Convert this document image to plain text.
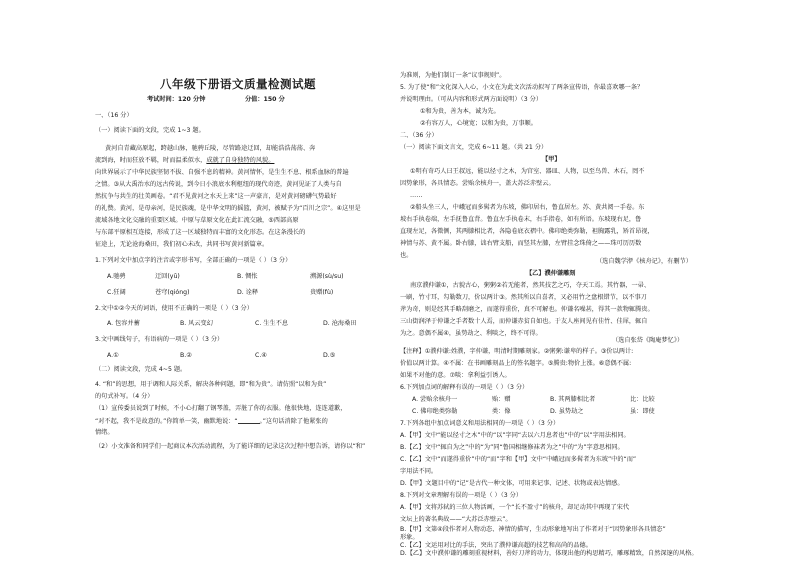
八年级下册语文质量检测试题
考试时间：120 分钟	分值：150 分
一、（16 分）
（一）阅读下面的文段，完成 1~3 题。
黄河自青藏高原起，跨越山脉，驰骋丘陵，尽管路途迂回，却能浩浩荡荡、奔
流到海，时而狂放不羁，时而温柔似水，成就了自身独特的风貌。
向世界展示了中华民族坚韧不拔、自强不息的精神。黄河情怀，是生生不息、根系血脉的普遍
之情。③从大禹治水的远古传说，到今日小浪底水利枢纽的现代奇迹，黄河见证了人类与自
然抗争与共生的壮美画卷。“君不见黄河之水天上来”这一声豪言，是对黄河磅礴气势最好
的礼赞。黄河，是母亲河，是民族魂，是中华文明的摇篮，黄河，被赋予为“百川之宗”。④这里是
流域各地文化交融的重要区域。中原与草原文化在此汇流交融，⑤西部高原
与东部平原相互连接，形成了这一区域独特而丰富的文化形态。在这条漫长的
征途上，无论沧海桑田，我们初心未改，共同书写黄河新篇章。
1.下列对文中加点字的注音或字形书写，全部正确的一项是（ ）（3 分）
A.驰骋	迂回(yū)	B. 惆怅	溯源(sù/su)
C.狂阔	苍穹(qióng)	D. 诠释	贵赠(fù)
2.文中①②今天的词语，使用不正确的一项是（ ）（3 分）
A. 包容并蓄	B. 风云变幻	C. 生生不息	D. 沧海桑田
3.文中画线句子，有语病的一项是（ ）（3 分）
A.①	B.②	C.④	D.⑤
（二）阅读文段，完成 4~5 题。
4. “和”的思想，用于调和人际关系，解决各种问题，即“和为贵”。请仿照“以和为贵”
的句式补写。（4 分）
（1）宣传委员说到了时候，不小心打翻了钢琴盖，弄脏了你的衣服。他很快地，连连道歉，
“对不起，我不是故意的。”你简单一笑，幽默地说：“	。”这句话消除了他紧张的
情绪。
（2）小文准备和同学们一起商议本次活动流程，为了能详细的记录这次过程中想告诉，请你以“和”
为准则，为他们制订一条“议事规则”。
5. 为了使“和”文化深入人心，小文在为此文次活动拟写了两条宣传语，你最喜欢哪一条？
并说明理由。（可从内容和形式两方面说明）（3 分）
①和为贵，善为本，诚为先。
②有容万人，心境宽；以和为贵，万事顺。
二、（36 分）
（一）阅读下面文言文，完成 6~11 题。（共 21 分）
【甲】
①明有奇巧人曰王叔远，能以径寸之木，为宫室、器皿、人物，以至鸟兽、木石，罔不
因势象形，各具情态。尝贻余核舟一，盖大苏泛赤壁云。
……
②船头坐三人，中峨冠而多髯者为东坡，佛印居右，鲁直居左。苏、黄共阅一手卷。东
坡右手执卷端，左手抚鲁直背。鲁直左手执卷末，右手指卷，如有所语。东坡现右足，鲁
直现左足，各微侧，其两膝相比者，各隐卷底衣褶中。佛印绝类弥勒，袒胸露乳，矫首昂视，
神情与苏、黄不属。卧右膝，诎右臂支船，而竖其左膝，左臂挂念珠倚之——珠可历历数
也。
（选自魏学洢《核舟记》，有删节）
【乙】濮仲谦雕刻
南京濮仲谦①，古貌古心，粥粥②若无能者，然其技艺之巧，夺天工焉。其竹器，一帚、
一刷，竹寸耳，勾勒数刀，价以两计③。然其所以自喜者，又必用竹之盘根错节，以不事刀
斧为奇，则是经其手略刮磨之，而遂得重价，真不可解也。仲谦名噪甚，得其一款物辄腾贵。
三山街润泽于仲谦之手者数十人焉，而仲谦赤贫自如也。于友人座间见有佳竹、佳犀，辄自
为之。意偶不属④，虽势劫之、利啖之，终不可得。
（选自张岱《陶庵梦忆》）
【注释】①濮仲谦:姓濮，字仲谦，明清时期雕刻家。②粥粥:谦卑的样子。③价以两计:
价值以两计算。④不属：在书画雕刻品上的签名题字。⑤腾贵:物价上涨。⑥意偶不属:
如果不对他的意。⑦啖：拿利益引诱人。
6.下列加点词的解释有误的一项是（ ）（3 分）
A. 尝贻余核舟一	贻：赠	B. 其两膝相比者	比：比较
C. 佛印绝类弥勒	类：像	D. 虽势劫之	虽：即使
7.下列各组中加点词意义和用法相同的一项是（ ）（3 分）
A.【甲】文中“能以径寸之木”中的“以”字同“去以六月息者也”中的“以”字用法相同。
B.【乙】文中“辄自为之”中的“为”同“鲁国相继修袜者为之”中的“为”字意思相同。
C.【乙】文中“而遂得重价”中的“而”字和【甲】文中“中峨冠而多髯者为东坡”中的“而”
字用法不同。
D.【甲】文题目中的“记”是古代一种文体，可用来记事、记述、状物或表达情感。
8.下列对文章理解有误的一项是（ ）（3 分）
A.【甲】文将苏轼的三位人物活画，一个“长不盈寸”的核舟，却足动其中再现了宋代
文坛上的著名典故——“大苏泛赤壁云”。
B.【甲】文第④段作者对人物动态、神情的描写，生动形象地写出了作者对于“因势象形各具情态”
形象。
C.【乙】文运用对比的手法，突出了濮仲谦高超的技艺和高尚的品德。
D.【乙】文中濮仲谦的雕刻重视材料，善好刀斧的功力，体现出他的构思精巧，雕琢精致，自然深邃的风格。
